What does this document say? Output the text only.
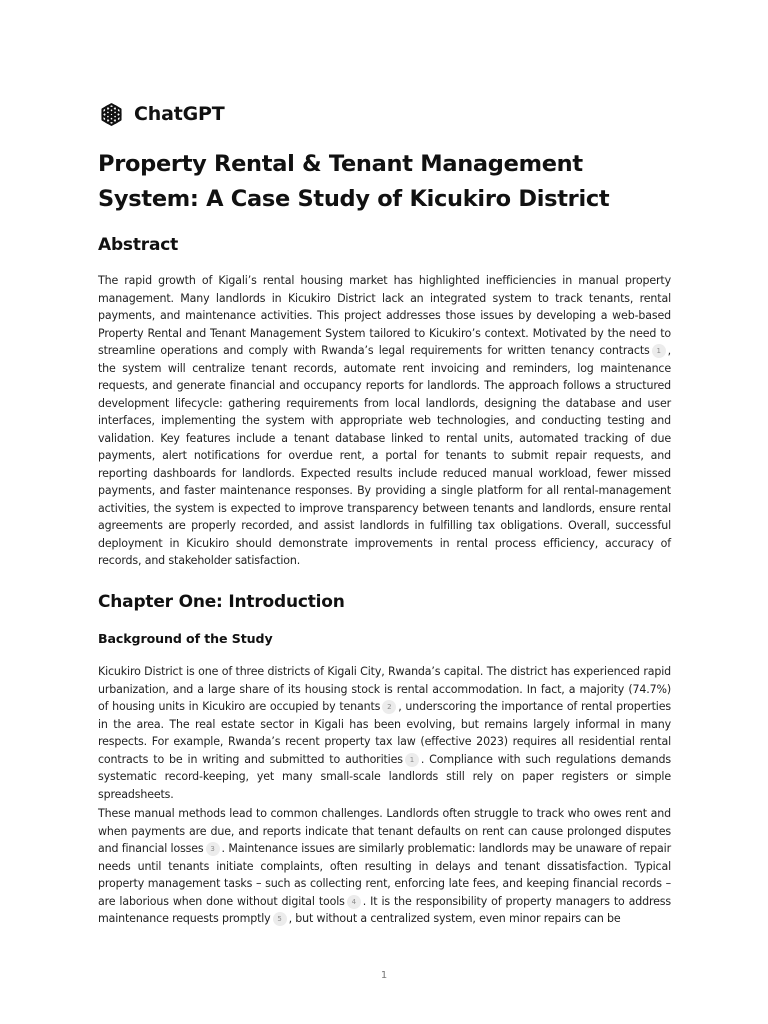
ChatGPT
Property Rental & Tenant Management System: A Case Study of Kicukiro District
Abstract

The rapid growth of Kigali’s rental housing market has highlighted inefficiencies in manual property management. Many landlords in Kicukiro District lack an integrated system to track tenants, rental payments, and maintenance activities. This project addresses those issues by developing a web-based Property Rental and Tenant Management System tailored to Kicukiro’s context. Motivated by the need to streamline operations and comply with Rwanda’s legal requirements for written tenancy contracts 1 , the system will centralize tenant records, automate rent invoicing and reminders, log maintenance requests, and generate financial and occupancy reports for landlords. The approach follows a structured development lifecycle: gathering requirements from local landlords, designing the database and user interfaces, implementing the system with appropriate web technologies, and conducting testing and validation. Key features include a tenant database linked to rental units, automated tracking of due payments, alert notifications for overdue rent, a portal for tenants to submit repair requests, and reporting dashboards for landlords. Expected results include reduced manual workload, fewer missed payments, and faster maintenance responses. By providing a single platform for all rental-management activities, the system is expected to improve transparency between tenants and landlords, ensure rental agreements are properly recorded, and assist landlords in fulfilling tax obligations. Overall, successful deployment in Kicukiro should demonstrate improvements in rental process efficiency, accuracy of records, and stakeholder satisfaction.

Chapter One: Introduction
Background of the Study

Kicukiro District is one of three districts of Kigali City, Rwanda’s capital. The district has experienced rapid urbanization, and a large share of its housing stock is rental accommodation. In fact, a majority (74.7%) of housing units in Kicukiro are occupied by tenants 2 , underscoring the importance of rental properties in the area. The real estate sector in Kigali has been evolving, but remains largely informal in many respects. For example, Rwanda’s recent property tax law (effective 2023) requires all residential rental contracts to be in writing and submitted to authorities 1 . Compliance with such regulations demands systematic record-keeping, yet many small-scale landlords still rely on paper registers or simple spreadsheets.

These manual methods lead to common challenges. Landlords often struggle to track who owes rent and when payments are due, and reports indicate that tenant defaults on rent can cause prolonged disputes and financial losses 3 . Maintenance issues are similarly problematic: landlords may be unaware of repair needs until tenants initiate complaints, often resulting in delays and tenant dissatisfaction. Typical property management tasks – such as collecting rent, enforcing late fees, and keeping financial records – are laborious when done without digital tools 4 . It is the responsibility of property managers to address maintenance requests promptly 5 , but without a centralized system, even minor repairs can be

1
